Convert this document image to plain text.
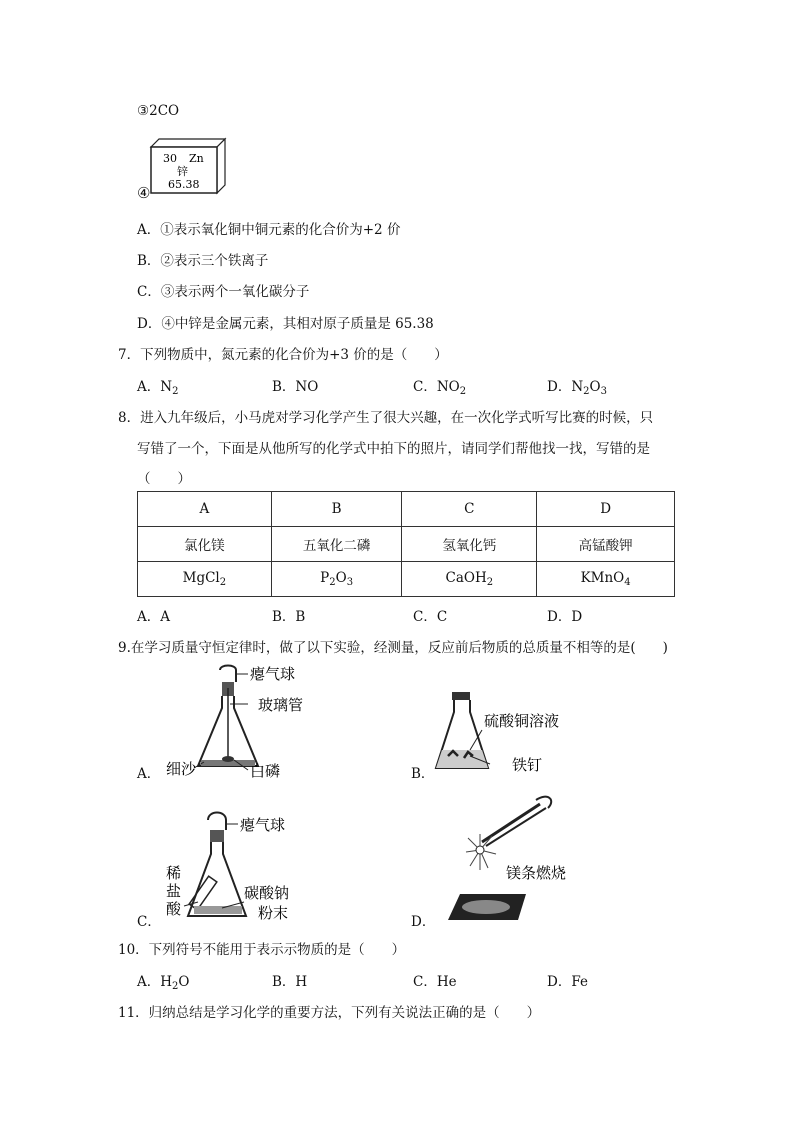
③2CO
30 Zn
锌
65.38
④
A．①表示氧化铜中铜元素的化合价为+2 价
B．②表示三个铁离子
C．③表示两个一氧化碳分子
D．④中锌是金属元素，其相对原子质量是 65.38
7．下列物质中，氮元素的化合价为+3 价的是（　　）
A．$N_2$	B．NO	C．$NO_2$	D．$N_2O_3$
8．进入九年级后，小马虎对学习化学产生了很大兴趣，在一次化学式听写比赛的时候，只
写错了一个，下面是从他所写的化学式中拍下的照片，请同学们帮他找一找，写错的是
（　　）
A	B	C	D
氯化镁	五氧化二磷	氢氧化钙	高锰酸钾
MgCl$_2$	$P_2O_3$	CaOH$_2$	KMnO$_4$
A．A	B．B	C．C	D．D
9.在学习质量守恒定律时，做了以下实验，经测量，反应前后物质的总质量不相等的是(　　)
A．
瘪气球
玻璃管
细沙	白磷	B．
硫酸铜溶液
铁钉
C．
瘪气球
稀
盐
酸
碳酸钠
粉末	D．
镁条燃烧
10．下列符号不能用于表示示物质的是（　　）
A．$H_2O$	B．H	C．He	D．Fe
11．归纳总结是学习化学的重要方法，下列有关说法正确的是（　　）
